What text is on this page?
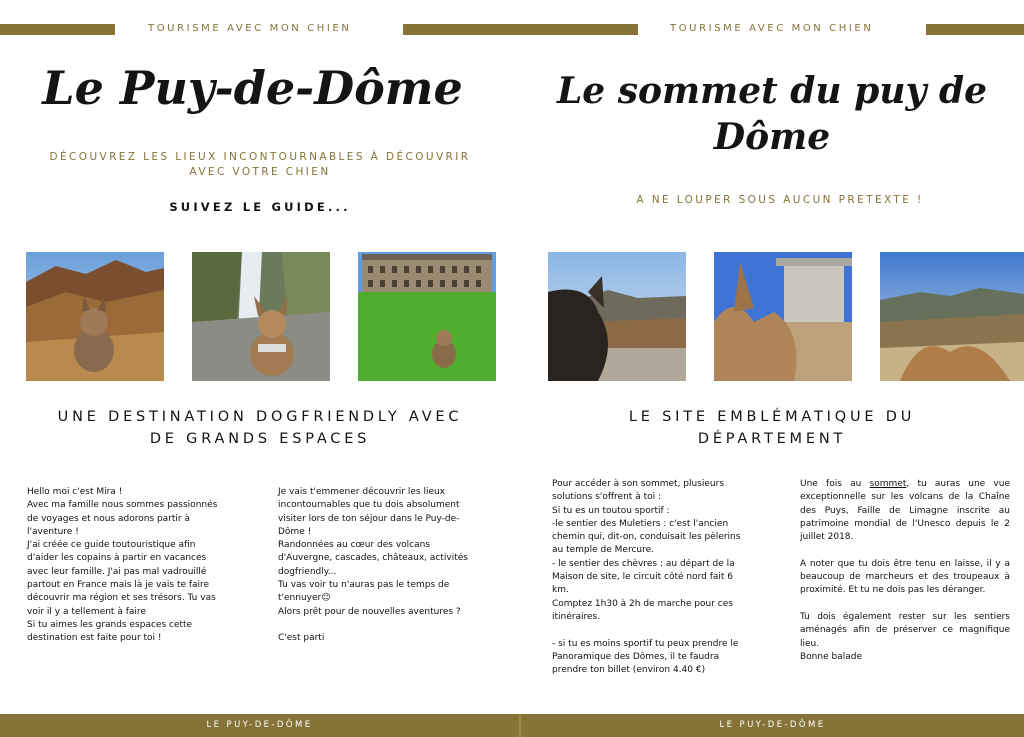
TOURISME AVEC MON CHIEN
Le Puy-de-Dôme
DÉCOUVREZ LES LIEUX INCONTOURNABLES À DÉCOUVRIR
AVEC VOTRE CHIEN
SUIVEZ LE GUIDE...
UNE DESTINATION DOGFRIENDLY AVEC
DE GRANDS ESPACES

Hello moi c'est Mira !

Avec ma famille nous sommes passionnés de voyages et nous adorons partir à l'aventure !

J'ai créée ce guide toutouristique afin d'aider les copains à partir en vacances avec leur famille. J'ai pas mal vadrouillé partout en France mais là je vais te faire découvrir ma région et ses trésors. Tu vas voir il y a tellement à faire

Si tu aimes les grands espaces cette destination est faite pour toi !

Je vais t'emmener découvrir les lieux incontournables que tu dois absolument visiter lors de ton séjour dans le Puy-de-Dôme !

Randonnées au cœur des volcans d'Auvergne, cascades, châteaux, activités dogfriendly...

Tu vas voir tu n'auras pas le temps de t'ennuyer☺

Alors prêt pour de nouvelles aventures ?

C'est parti

LE PUY-DE-DÔME
TOURISME AVEC MON CHIEN
Le sommet du puy de
Dôme
A NE LOUPER SOUS AUCUN PRETEXTE !
LE SITE EMBLÉMATIQUE DU
DÉPARTEMENT

Pour accéder à son sommet, plusieurs solutions s'offrent à toi :

Si tu es un toutou sportif :

-le sentier des Muletiers : c'est l'ancien chemin qui, dit-on, conduisait les pèlerins au temple de Mercure.

- le sentier des chèvres : au départ de la Maison de site, le circuit côté nord fait 6 km.

Comptez 1h30 à 2h de marche pour ces itinéraires.

- si tu es moins sportif tu peux prendre le Panoramique des Dômes, il te faudra prendre ton billet (environ 4.40 €)

Une fois au sommet, tu auras une vue exceptionnelle sur les volcans de la Chaîne des Puys, Faille de Limagne inscrite au patrimoine mondial de l'Unesco depuis le 2 juillet 2018.

A noter que tu dois être tenu en laisse, il y a beaucoup de marcheurs et des troupeaux à proximité. Et tu ne dois pas les déranger.

Tu dois également rester sur les sentiers aménagés afin de préserver ce magnifique lieu.

Bonne balade

LE PUY-DE-DÔME
